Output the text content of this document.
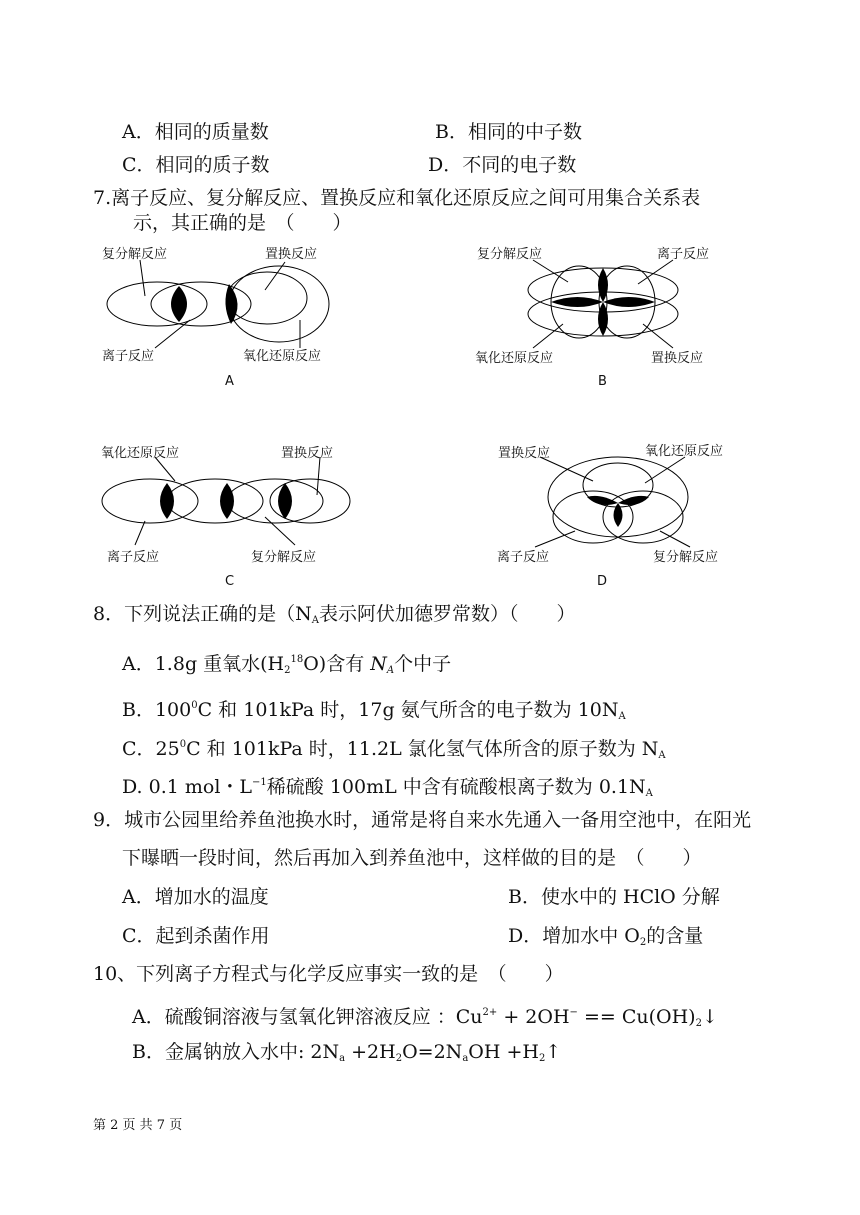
A．相同的质量数	B．相同的中子数
C．相同的质子数	D．不同的电子数
7.离子反应、复分解反应、置换反应和氧化还原反应之间可用集合关系表
示，其正确的是　（　　）
复分解反应	置换反应
离子反应	氧化还原反应
A
复分解反应	离子反应
氧化还原反应	置换反应
B
氧化还原反应	置换反应
离子反应	复分解反应
C
置换反应	氧化还原反应
离子反应	复分解反应
D
8．下列说法正确的是（$N_A$表示阿伏加德罗常数）（　　）
A．1.8g 重氧水$(H_2^{18}O)$含有 $N_A$个中子
B．$100^0C$ 和 101kPa 时，17g 氨气所含的电子数为 $10N_A$
C．$25^0C$ 和 101kPa 时，11.2L 氯化氢气体所含的原子数为 $N_A$
D. 0.1 mol・$L^{-1}$稀硫酸 100mL 中含有硫酸根离子数为 $0.1N_A$
9．城市公园里给养鱼池换水时，通常是将自来水先通入一备用空池中，在阳光
下曝晒一段时间，然后再加入到养鱼池中，这样做的目的是　（　　）
A．增加水的温度	B．使水中的 HClO 分解
C．起到杀菌作用	D．增加水中 $O_2$的含量
10、下列离子方程式与化学反应事实一致的是　（　　）
A．硫酸铜溶液与氢氧化钾溶液反应 ：$Cu^{2+} + 2OH^-$ == $Cu(OH)_2↓$
B．金属钠放入水中: $2N_a +2H_2O=2N_aOH$ $+H_2↑$
第 2 页 共 7 页
